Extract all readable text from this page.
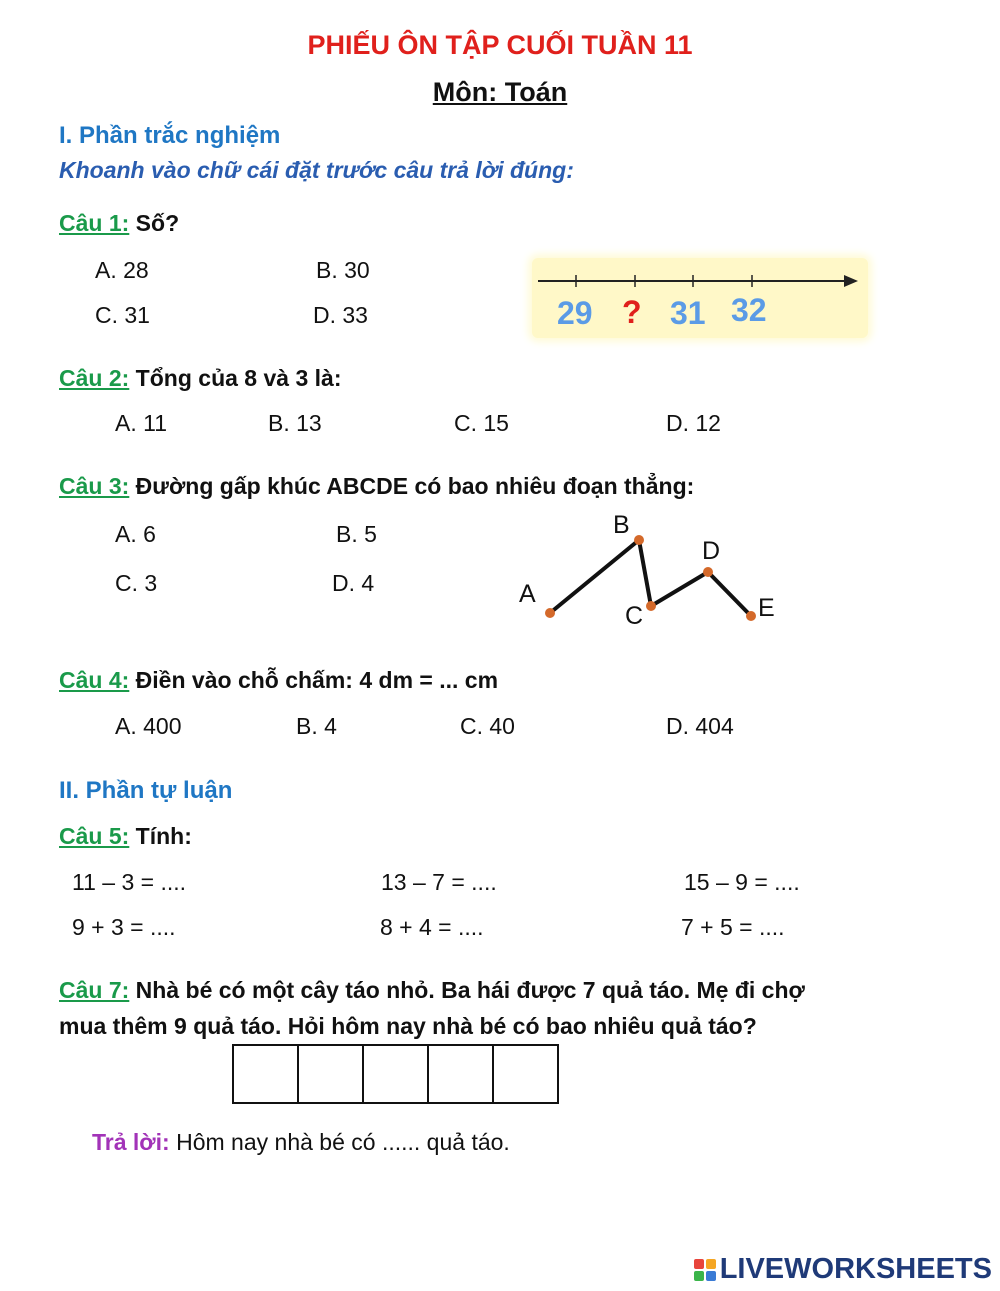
PHIẾU ÔN TẬP CUỐI TUẦN 11
Môn: Toán
I. Phần trắc nghiệm
Khoanh vào chữ cái đặt trước câu trả lời đúng:
Câu 1: Số?
A. 28	B. 30
C. 31	D. 33	29 ? 31 32
Câu 2: Tổng của 8 và 3 là:
A. 11	B. 13	C. 15	D. 12
Câu 3: Đường gấp khúc ABCDE có bao nhiêu đoạn thẳng:
A. 6	B. 5
C. 3	D. 4	A
B
C
D
E
Câu 4: Điền vào chỗ chấm: 4 dm = ... cm
A. 400	B. 4	C. 40	D. 404
II. Phần tự luận
Câu 5: Tính:
11 – 3 = ....	13 – 7 = ....	15 – 9 = ....
9 + 3 = ....	8 + 4 = ....	7 + 5 = ....
Câu 7: Nhà bé có một cây táo nhỏ. Ba hái được 7 quả táo. Mẹ đi chợ
mua thêm 9 quả táo. Hỏi hôm nay nhà bé có bao nhiêu quả táo?
Trả lời: Hôm nay nhà bé có ...... quả táo.
LIVEWORKSHEETS
